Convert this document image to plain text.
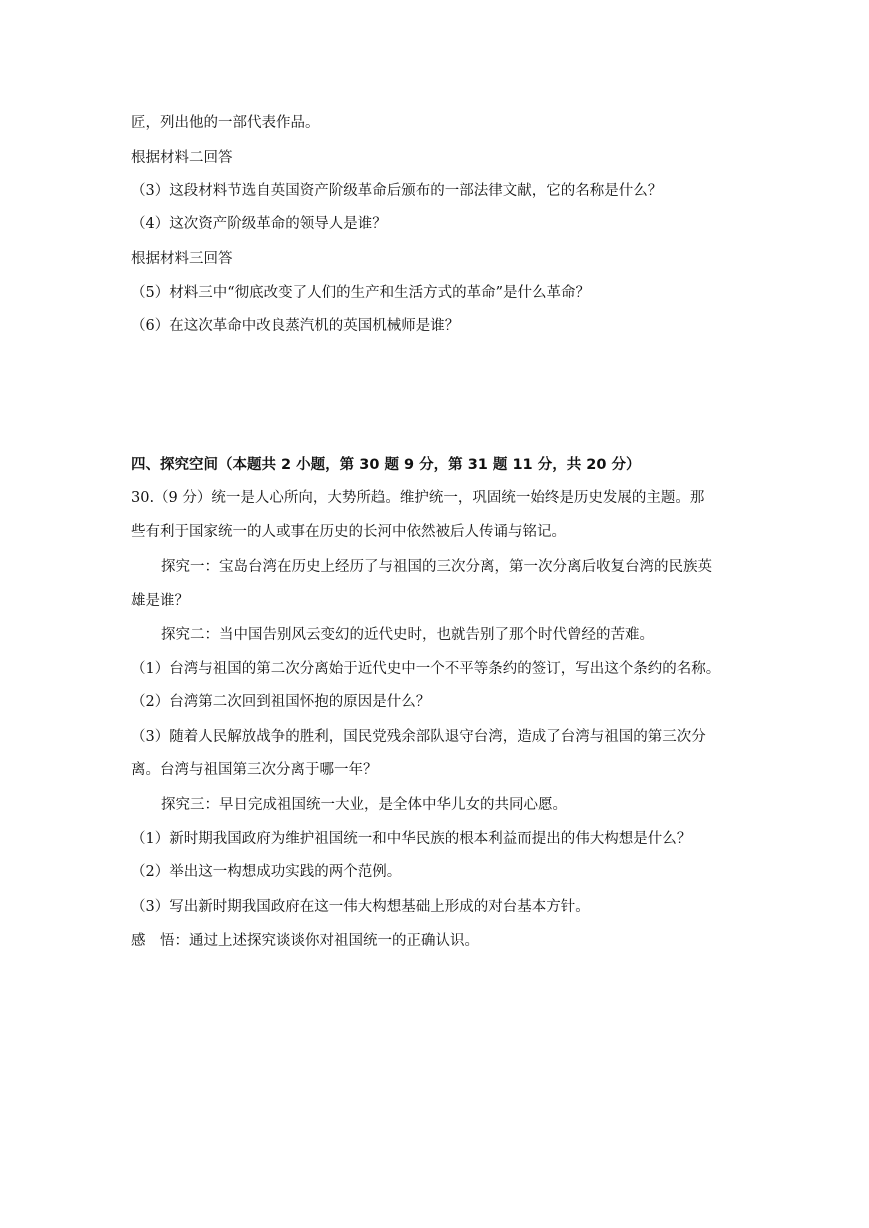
匠，列出他的一部代表作品。
根据材料二回答
（3）这段材料节选自英国资产阶级革命后颁布的一部法律文献，它的名称是什么？
（4）这次资产阶级革命的领导人是谁？
根据材料三回答
（5）材料三中“彻底改变了人们的生产和生活方式的革命”是什么革命？
（6）在这次革命中改良蒸汽机的英国机械师是谁？
四、探究空间（本题共 2 小题，第 30 题 9 分，第 31 题 11 分，共 20 分）
30.（9 分）统一是人心所向，大势所趋。维护统一，巩固统一始终是历史发展的主题。那
些有利于国家统一的人或事在历史的长河中依然被后人传诵与铭记。
探究一：宝岛台湾在历史上经历了与祖国的三次分离，第一次分离后收复台湾的民族英
雄是谁？
探究二：当中国告别风云变幻的近代史时，也就告别了那个时代曾经的苦难。
（1）台湾与祖国的第二次分离始于近代史中一个不平等条约的签订，写出这个条约的名称。
（2）台湾第二次回到祖国怀抱的原因是什么？
（3）随着人民解放战争的胜利，国民党残余部队退守台湾，造成了台湾与祖国的第三次分
离。台湾与祖国第三次分离于哪一年？
探究三：早日完成祖国统一大业，是全体中华儿女的共同心愿。
（1）新时期我国政府为维护祖国统一和中华民族的根本利益而提出的伟大构想是什么？
（2）举出这一构想成功实践的两个范例。
（3）写出新时期我国政府在这一伟大构想基础上形成的对台基本方针。
感　悟：通过上述探究谈谈你对祖国统一的正确认识。
